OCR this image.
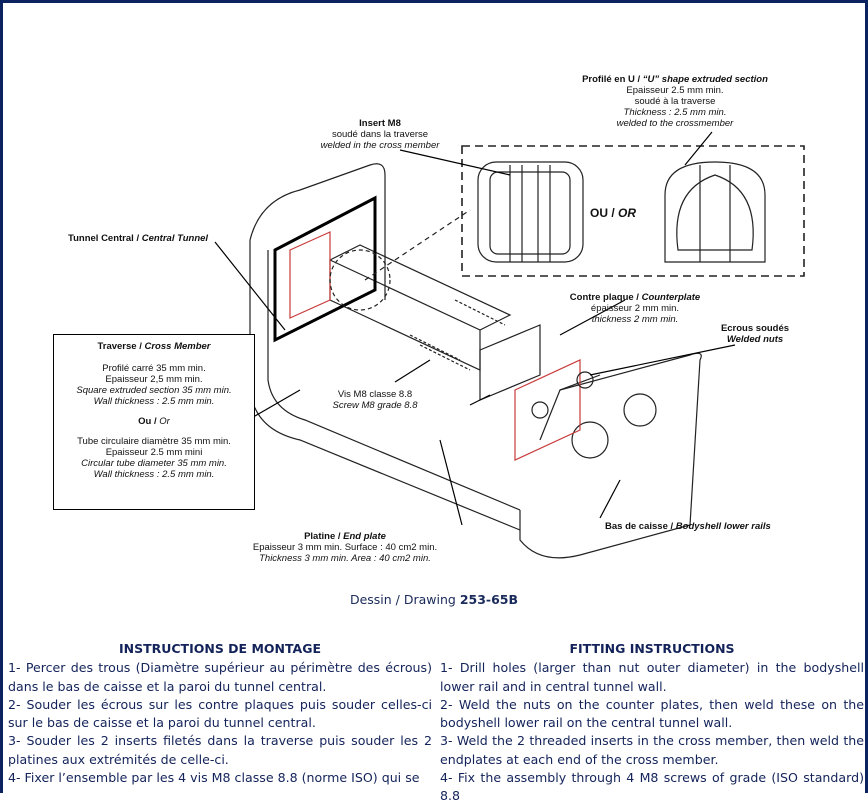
Profilé en U / “U” shape extruded section
Epaisseur 2.5 mm min.
soudé à la traverse
Thickness : 2.5 mm min.
welded to the crossmember
Insert M8
soudé dans la traverse
welded in the cross member
OU / OR
Tunnel Central / Central Tunnel
Contre plaque / Counterplate
épaisseur 2 mm min.
thickness 2 mm min.
Ecrous soudés
Welded nuts
Vis M8 classe 8.8
Screw M8 grade 8.8
Platine / End plate
Epaisseur 3 mm min. Surface : 40 cm2 min.
Thickness 3 mm min. Area : 40 cm2 min.
Bas de caisse / Bodyshell lower rails
Traverse / Cross Member
Profilé carré 35 mm min.
Epaisseur 2,5 mm min.
Square extruded section 35 mm min.
Wall thickness : 2.5 mm min.
Ou / Or
Tube circulaire diamètre 35 mm min.
Epaisseur 2.5 mm mini
Circular tube diameter 35 mm min.
Wall thickness : 2.5 mm min.
Dessin / Drawing 253-65B
INSTRUCTIONS DE MONTAGE

1- Percer des trous (Diamètre supérieur au périmètre des écrous) dans le bas de caisse et la paroi du tunnel central.

2- Souder les écrous sur les contre plaques puis souder celles-ci sur le bas de caisse et la paroi du tunnel central.

3- Souder les 2 inserts filetés dans la traverse puis souder les 2 platines aux extrémités de celle-ci.

4- Fixer l’ensemble par les 4 vis M8 classe 8.8 (norme ISO) qui se

FITTING INSTRUCTIONS

1- Drill holes (larger than nut outer diameter) in the bodyshell lower rail and in central tunnel wall.

2- Weld the nuts on the counter plates, then weld these on the bodyshell lower rail on the central tunnel wall.

3- Weld the 2 threaded inserts in the cross member, then weld the endplates at each end of the cross member.

4- Fix the assembly through 4 M8 screws of grade (ISO standard) 8.8
